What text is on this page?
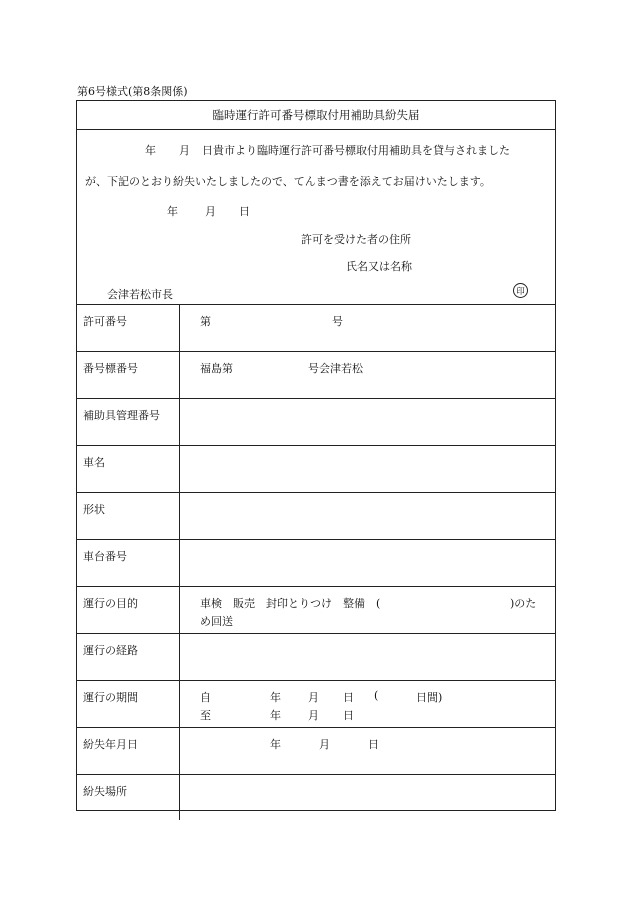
第6号様式(第8条関係)
臨時運行許可番号標取付用補助具紛失届
年 月 日貴市より臨時運行許可番号標取付用補助具を貸与されました
が、下記のとおり紛失いたしましたので、てんまつ書を添えてお届けいたします。
年 月 日
許可を受けた者の住所
氏名又は名称
印
会津若松市長
許可番号	第	号
番号標番号	福島第	号会津若松
補助具管理番号
車名
形状
車台番号
運行の目的	車検　販売　封印とりつけ　整備　(	)のた
め回送
運行の経路
運行の期間	自	年 月 日 (	日間)
至	年 月 日
紛失年月日	年	月	日
紛失場所
